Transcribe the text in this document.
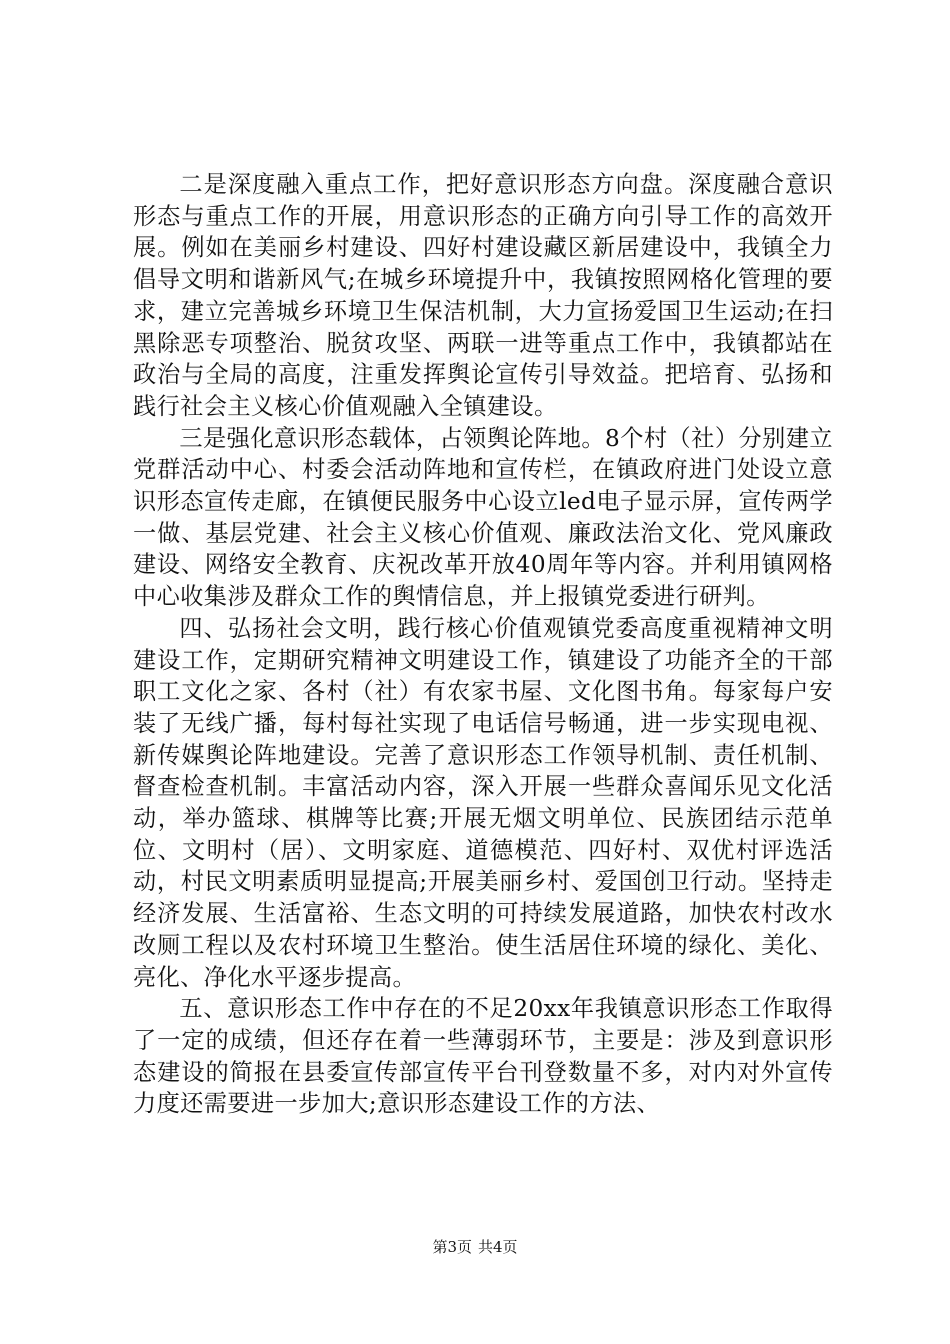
二是深度融入重点工作，把好意识形态方向盘。深度融合意识形态与重点工作的开展，用意识形态的正确方向引导工作的高效开展。例如在美丽乡村建设、四好村建设藏区新居建设中，我镇全力倡导文明和谐新风气;在城乡环境提升中，我镇按照网格化管理的要求，建立完善城乡环境卫生保洁机制，大力宣扬爱国卫生运动;在扫黑除恶专项整治、脱贫攻坚、两联一进等重点工作中，我镇都站在政治与全局的高度，注重发挥舆论宣传引导效益。把培育、弘扬和践行社会主义核心价值观融入全镇建设。

三是强化意识形态载体，占领舆论阵地。8个村（社）分别建立党群活动中心、村委会活动阵地和宣传栏，在镇政府进门处设立意识形态宣传走廊，在镇便民服务中心设立led电子显示屏，宣传两学一做、基层党建、社会主义核心价值观、廉政法治文化、党风廉政建设、网络安全教育、庆祝改革开放40周年等内容。并利用镇网格中心收集涉及群众工作的舆情信息，并上报镇党委进行研判。

四、弘扬社会文明，践行核心价值观镇党委高度重视精神文明建设工作，定期研究精神文明建设工作，镇建设了功能齐全的干部职工文化之家、各村（社）有农家书屋、文化图书角。每家每户安装了无线广播，每村每社实现了电话信号畅通，进一步实现电视、新传媒舆论阵地建设。完善了意识形态工作领导机制、责任机制、督查检查机制。丰富活动内容，深入开展一些群众喜闻乐见文化活动，举办篮球、棋牌等比赛;开展无烟文明单位、民族团结示范单位、文明村（居）、文明家庭、道德模范、四好村、双优村评选活动，村民文明素质明显提高;开展美丽乡村、爱国创卫行动。坚持走经济发展、生活富裕、生态文明的可持续发展道路，加快农村改水改厕工程以及农村环境卫生整治。使生活居住环境的绿化、美化、亮化、净化水平逐步提高。

五、意识形态工作中存在的不足20xx年我镇意识形态工作取得了一定的成绩，但还存在着一些薄弱环节，主要是：涉及到意识形态建设的简报在县委宣传部宣传平台刊登数量不多，对内对外宣传力度还需要进一步加大;意识形态建设工作的方法、

第3页 共4页
